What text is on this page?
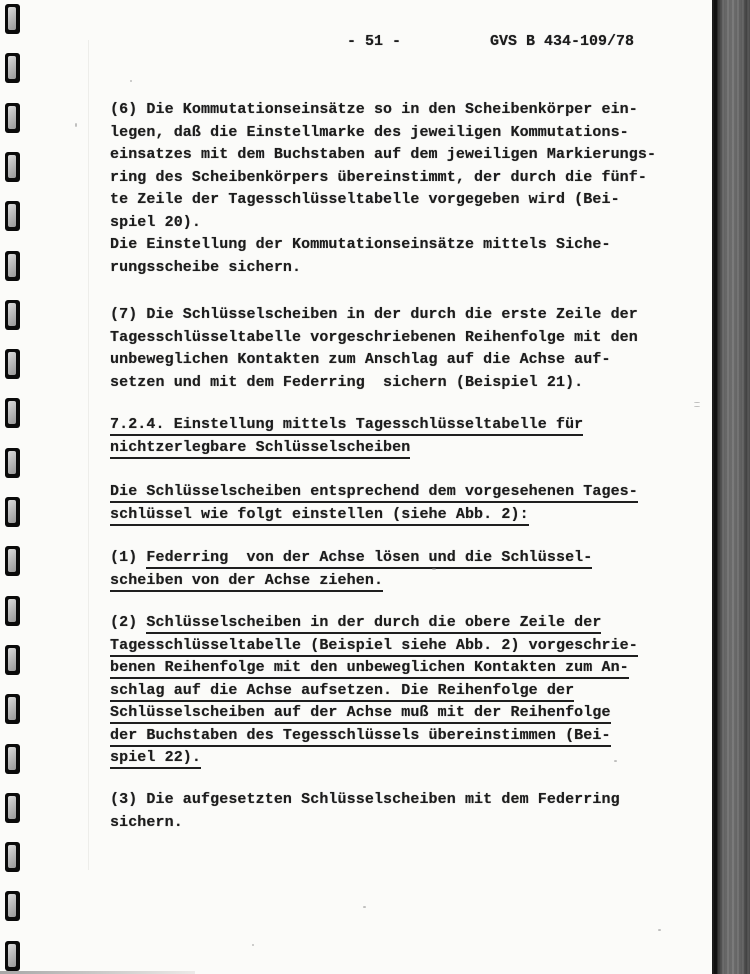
- 51 -	GVS B 434-109/78
(6) Die Kommutationseinsätze so in den Scheibenkörper ein-
legen, daß die Einstellmarke des jeweiligen Kommutations-
einsatzes mit dem Buchstaben auf dem jeweiligen Markierungs-
ring des Scheibenkörpers übereinstimmt, der durch die fünf-
te Zeile der Tagesschlüsseltabelle vorgegeben wird (Bei-
spiel 20).
Die Einstellung der Kommutationseinsätze mittels Siche-
rungsscheibe sichern.
(7) Die Schlüsselscheiben in der durch die erste Zeile der
Tagesschlüsseltabelle vorgeschriebenen Reihenfolge mit den
unbeweglichen Kontakten zum Anschlag auf die Achse auf-
setzen und mit dem Federring  sichern (Beispiel 21).
7.2.4. Einstellung mittels Tagesschlüsseltabelle für
nichtzerlegbare Schlüsselscheiben
Die Schlüsselscheiben entsprechend dem vorgesehenen Tages-
schlüssel wie folgt einstellen (siehe Abb. 2):
(1) Federring  von der Achse lösen und die Schlüssel-
scheiben von der Achse ziehen.
(2) Schlüsselscheiben in der durch die obere Zeile der
Tagesschlüsseltabelle (Beispiel siehe Abb. 2) vorgeschrie-
benen Reihenfolge mit den unbeweglichen Kontakten zum An-
schlag auf die Achse aufsetzen. Die Reihenfolge der
Schlüsselscheiben auf der Achse muß mit der Reihenfolge
der Buchstaben des Tegesschlüssels übereinstimmen (Bei-
spiel 22).
(3) Die aufgesetzten Schlüsselscheiben mit dem Federring
sichern.
